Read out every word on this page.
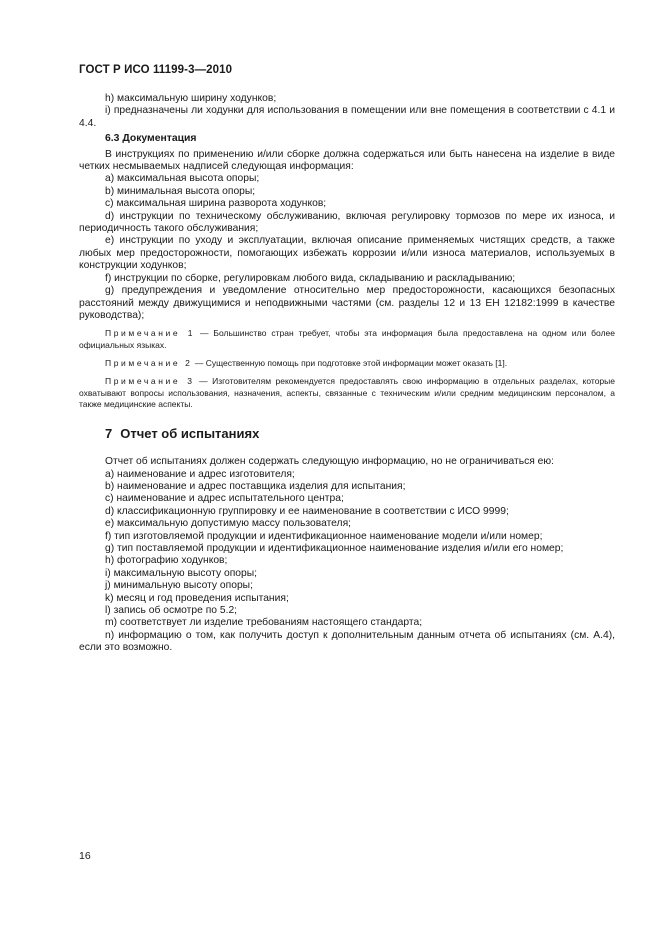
ГОСТ Р ИСО 11199-3—2010

h) максимальную ширину ходунков;

i) предназначены ли ходунки для использования в помещении или вне помещения в соответствии с 4.1 и 4.4.

6.3 Документация

В инструкциях по применению и/или сборке должна содержаться или быть нанесена на изделие в виде четких несмываемых надписей следующая информация:

a) максимальная высота опоры;

b) минимальная высота опоры;

c) максимальная ширина разворота ходунков;

d) инструкции по техническому обслуживанию, включая регулировку тормозов по мере их износа, и периодичность такого обслуживания;

e) инструкции по уходу и эксплуатации, включая описание применяемых чистящих средств, а также любых мер предосторожности, помогающих избежать коррозии и/или износа материалов, используемых в конструкции ходунков;

f) инструкции по сборке, регулировкам любого вида, складыванию и раскладыванию;

g) предупреждения и уведомление относительно мер предосторожности, касающихся безопасных расстояний между движущимися и неподвижными частями (см. разделы 12 и 13 ЕН 12182:1999 в качестве руководства);

Примечание 1 — Большинство стран требует, чтобы эта информация была предоставлена на одном или более официальных языках.

Примечание 2 — Существенную помощь при подготовке этой информации может оказать [1].

Примечание 3 — Изготовителям рекомендуется предоставлять свою информацию в отдельных разделах, которые охватывают вопросы использования, назначения, аспекты, связанные с техническим и/или средним медицинским персоналом, а также медицинские аспекты.

7 Отчет об испытаниях

Отчет об испытаниях должен содержать следующую информацию, но не ограничиваться ею:

a) наименование и адрес изготовителя;

b) наименование и адрес поставщика изделия для испытания;

c) наименование и адрес испытательного центра;

d) классификационную группировку и ее наименование в соответствии с ИСО 9999;

e) максимальную допустимую массу пользователя;

f) тип изготовляемой продукции и идентификационное наименование модели и/или номер;

g) тип поставляемой продукции и идентификационное наименование изделия и/или его номер;

h) фотографию ходунков;

i) максимальную высоту опоры;

j) минимальную высоту опоры;

k) месяц и год проведения испытания;

l) запись об осмотре по 5.2;

m) соответствует ли изделие требованиям настоящего стандарта;

n) информацию о том, как получить доступ к дополнительным данным отчета об испытаниях (см. А.4), если это возможно.

16
